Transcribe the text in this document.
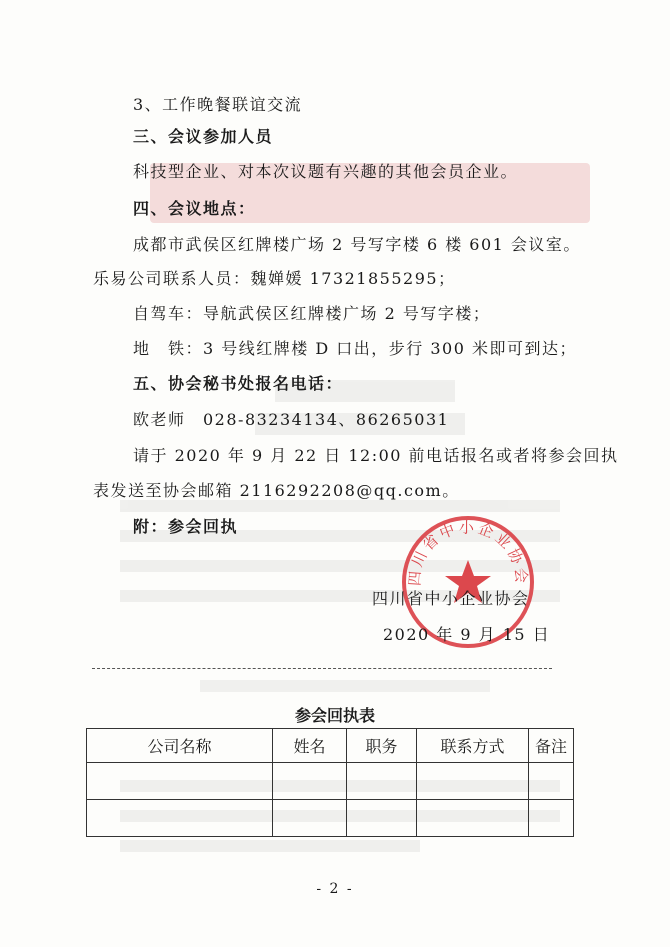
3、工作晚餐联谊交流
三、会议参加人员
科技型企业、对本次议题有兴趣的其他会员企业。
四、会议地点：
成都市武侯区红牌楼广场 2 号写字楼 6 楼 601 会议室。
乐易公司联系人员：魏婵媛 17321855295；
自驾车：导航武侯区红牌楼广场 2 号写字楼；
地　铁：3 号线红牌楼 D 口出，步行 300 米即可到达；
五、协会秘书处报名电话：
欧老师　028-83234134、86265031
请于 2020 年 9 月 22 日 12:00 前电话报名或者将参会回执
表发送至协会邮箱 2116292208@qq.com。
附：参会回执
四川省中小企业协会
四川省中小企业协会
2020 年 9 月 15 日
参会回执表
公司名称	姓名	职务	联系方式	备注

- 2 -
